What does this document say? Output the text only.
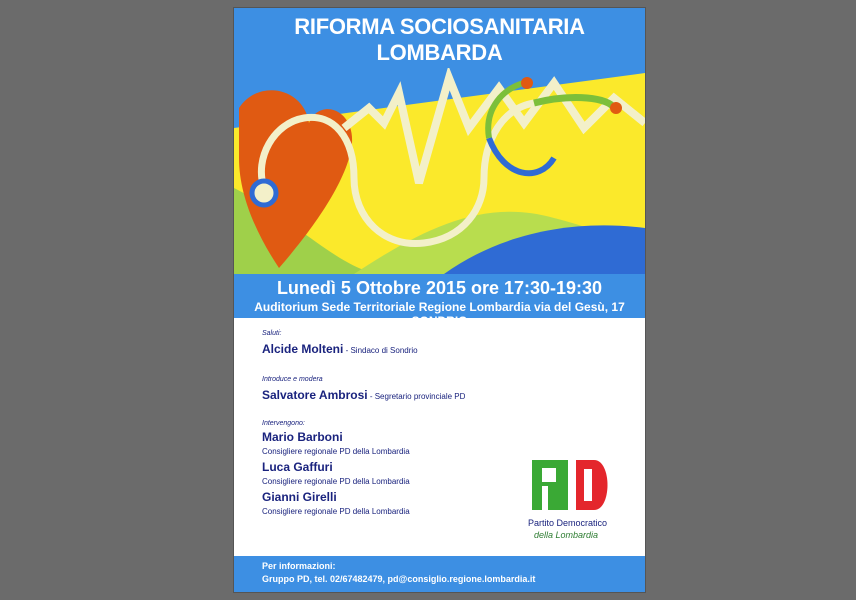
RIFORMA SOCIOSANITARIA LOMBARDA
Lunedì 5 Ottobre 2015 ore 17:30-19:30
Auditorium Sede Territoriale Regione Lombardia via del Gesù, 17 SONDRIO
Saluti:
Alcide Molteni - Sindaco di Sondrio
Introduce e modera
Salvatore Ambrosi - Segretario provinciale PD
Intervengono:
Mario Barboni
Consigliere regionale PD della Lombardia
Luca Gaffuri
Consigliere regionale PD della Lombardia
Gianni Girelli
Consigliere regionale PD della Lombardia
Partito Democratico
della Lombardia
Per informazioni:
Gruppo PD, tel. 02/67482479, pd@consiglio.regione.lombardia.it
